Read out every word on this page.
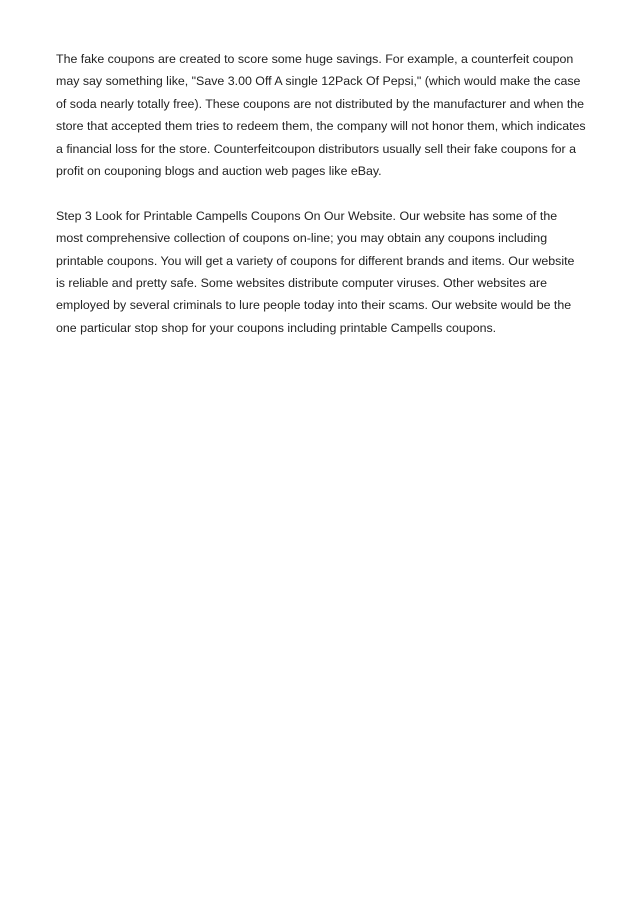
The fake coupons are created to score some huge savings. For example, a counterfeit coupon may say something like, "Save 3.00 Off A single 12Pack Of Pepsi," (which would make the case of soda nearly totally free). These coupons are not distributed by the manufacturer and when the store that accepted them tries to redeem them, the company will not honor them, which indicates a financial loss for the store. Counterfeitcoupon distributors usually sell their fake coupons for a profit on couponing blogs and auction web pages like eBay.

Step 3 Look for Printable Campells Coupons On Our Website. Our website has some of the most comprehensive collection of coupons on-line; you may obtain any coupons including printable coupons. You will get a variety of coupons for different brands and items. Our website is reliable and pretty safe. Some websites distribute computer viruses. Other websites are employed by several criminals to lure people today into their scams. Our website would be the one particular stop shop for your coupons including printable Campells coupons.
